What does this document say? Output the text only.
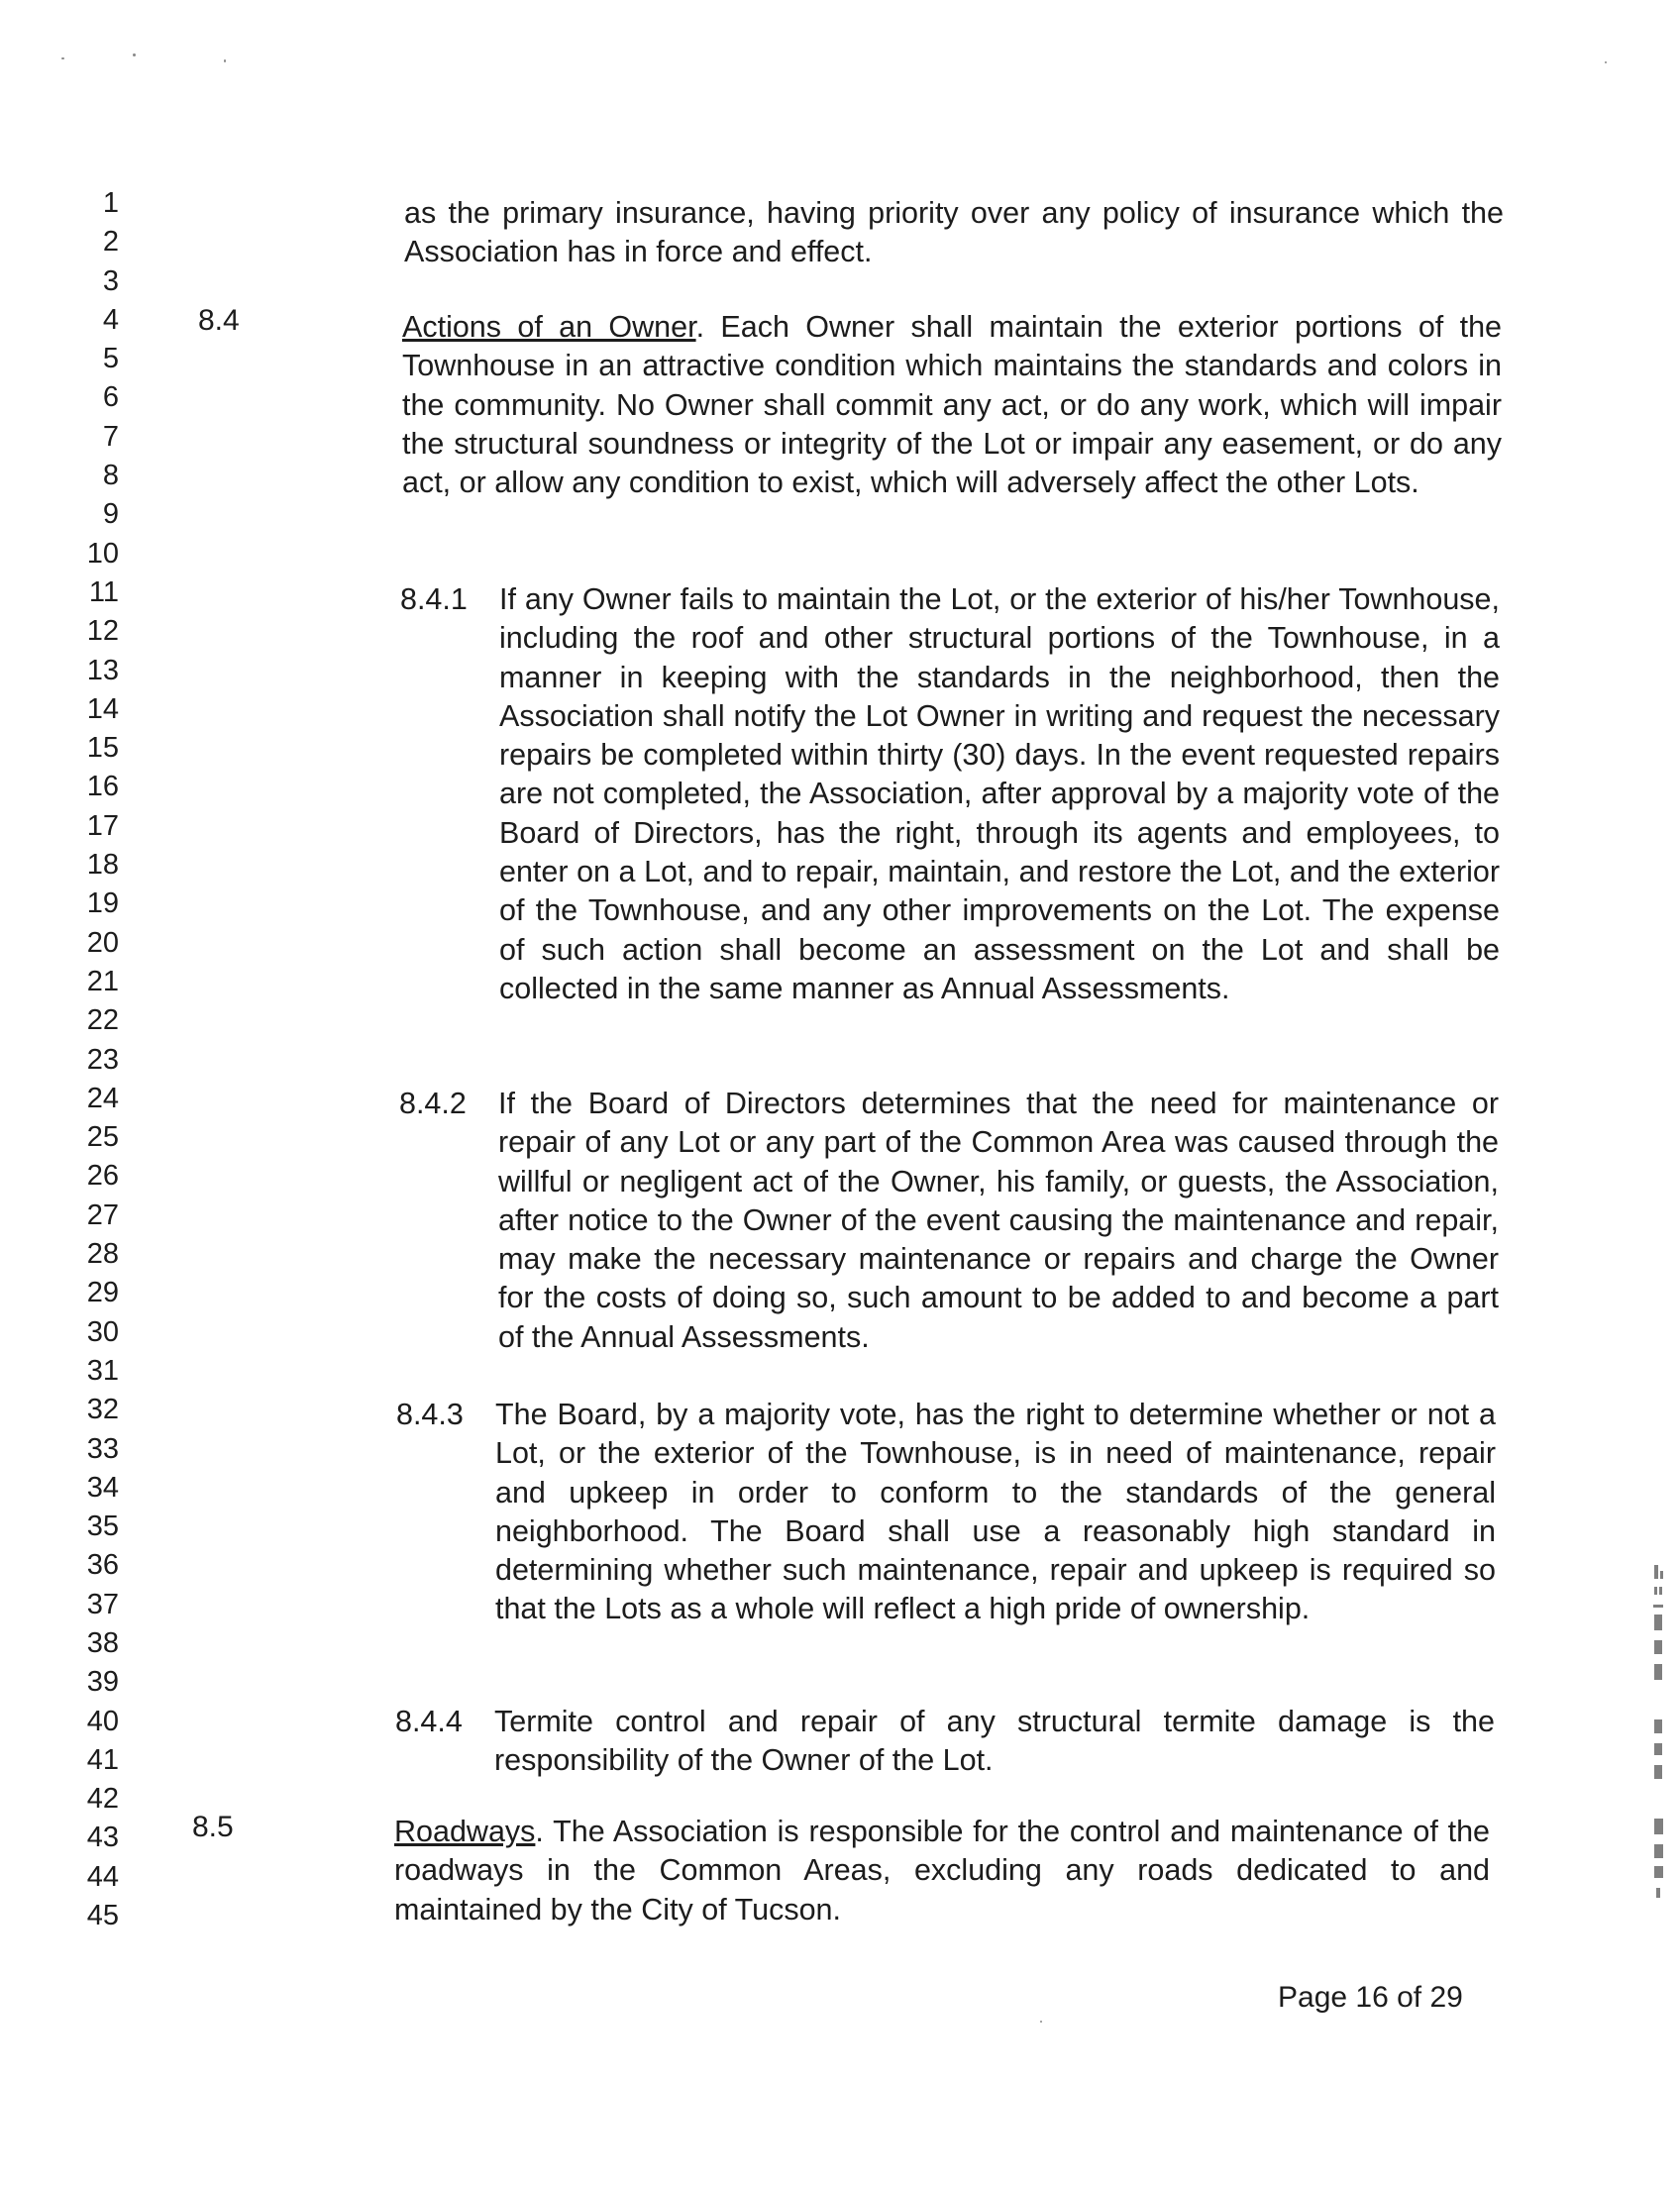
1
2
3
4
5
6
7
8
9
10
11
12
13
14
15
16
17
18
19
20
21
22
23
24
25
26
27
28
29
30
31
32
33
34
35
36
37
38
39
40
41
42
43
44
45

as the primary insurance, having priority over any policy of insurance which the Association has in force and effect.

8.4	Actions of an Owner. Each Owner shall maintain the exterior portions of the Townhouse in an attractive condition which maintains the standards and colors in the community. No Owner shall commit any act, or do any work, which will impair the structural soundness or integrity of the Lot or impair any easement, or do any act, or allow any condition to exist, which will adversely affect the other Lots.

8.4.1 If any Owner fails to maintain the Lot, or the exterior of his/her Townhouse, including the roof and other structural portions of the Townhouse, in a manner in keeping with the standards in the neighborhood, then the Association shall notify the Lot Owner in writing and request the necessary repairs be completed within thirty (30) days. In the event requested repairs are not completed, the Association, after approval by a majority vote of the Board of Directors, has the right, through its agents and employees, to enter on a Lot, and to repair, maintain, and restore the Lot, and the exterior of the Townhouse, and any other improvements on the Lot. The expense of such action shall become an assessment on the Lot and shall be collected in the same manner as Annual Assessments.

8.4.2 If the Board of Directors determines that the need for maintenance or repair of any Lot or any part of the Common Area was caused through the willful or negligent act of the Owner, his family, or guests, the Association, after notice to the Owner of the event causing the maintenance and repair, may make the necessary maintenance or repairs and charge the Owner for the costs of doing so, such amount to be added to and become a part of the Annual Assessments.

8.4.3 The Board, by a majority vote, has the right to determine whether or not a Lot, or the exterior of the Townhouse, is in need of maintenance, repair and upkeep in order to conform to the standards of the general neighborhood. The Board shall use a reasonably high standard in determining whether such maintenance, repair and upkeep is required so that the Lots as a whole will reflect a high pride of ownership.

8.4.4 Termite control and repair of any structural termite damage is the responsibility of the Owner of the Lot.

8.5	Roadways. The Association is responsible for the control and maintenance of the roadways in the Common Areas, excluding any roads dedicated to and maintained by the City of Tucson.

Page 16 of 29
